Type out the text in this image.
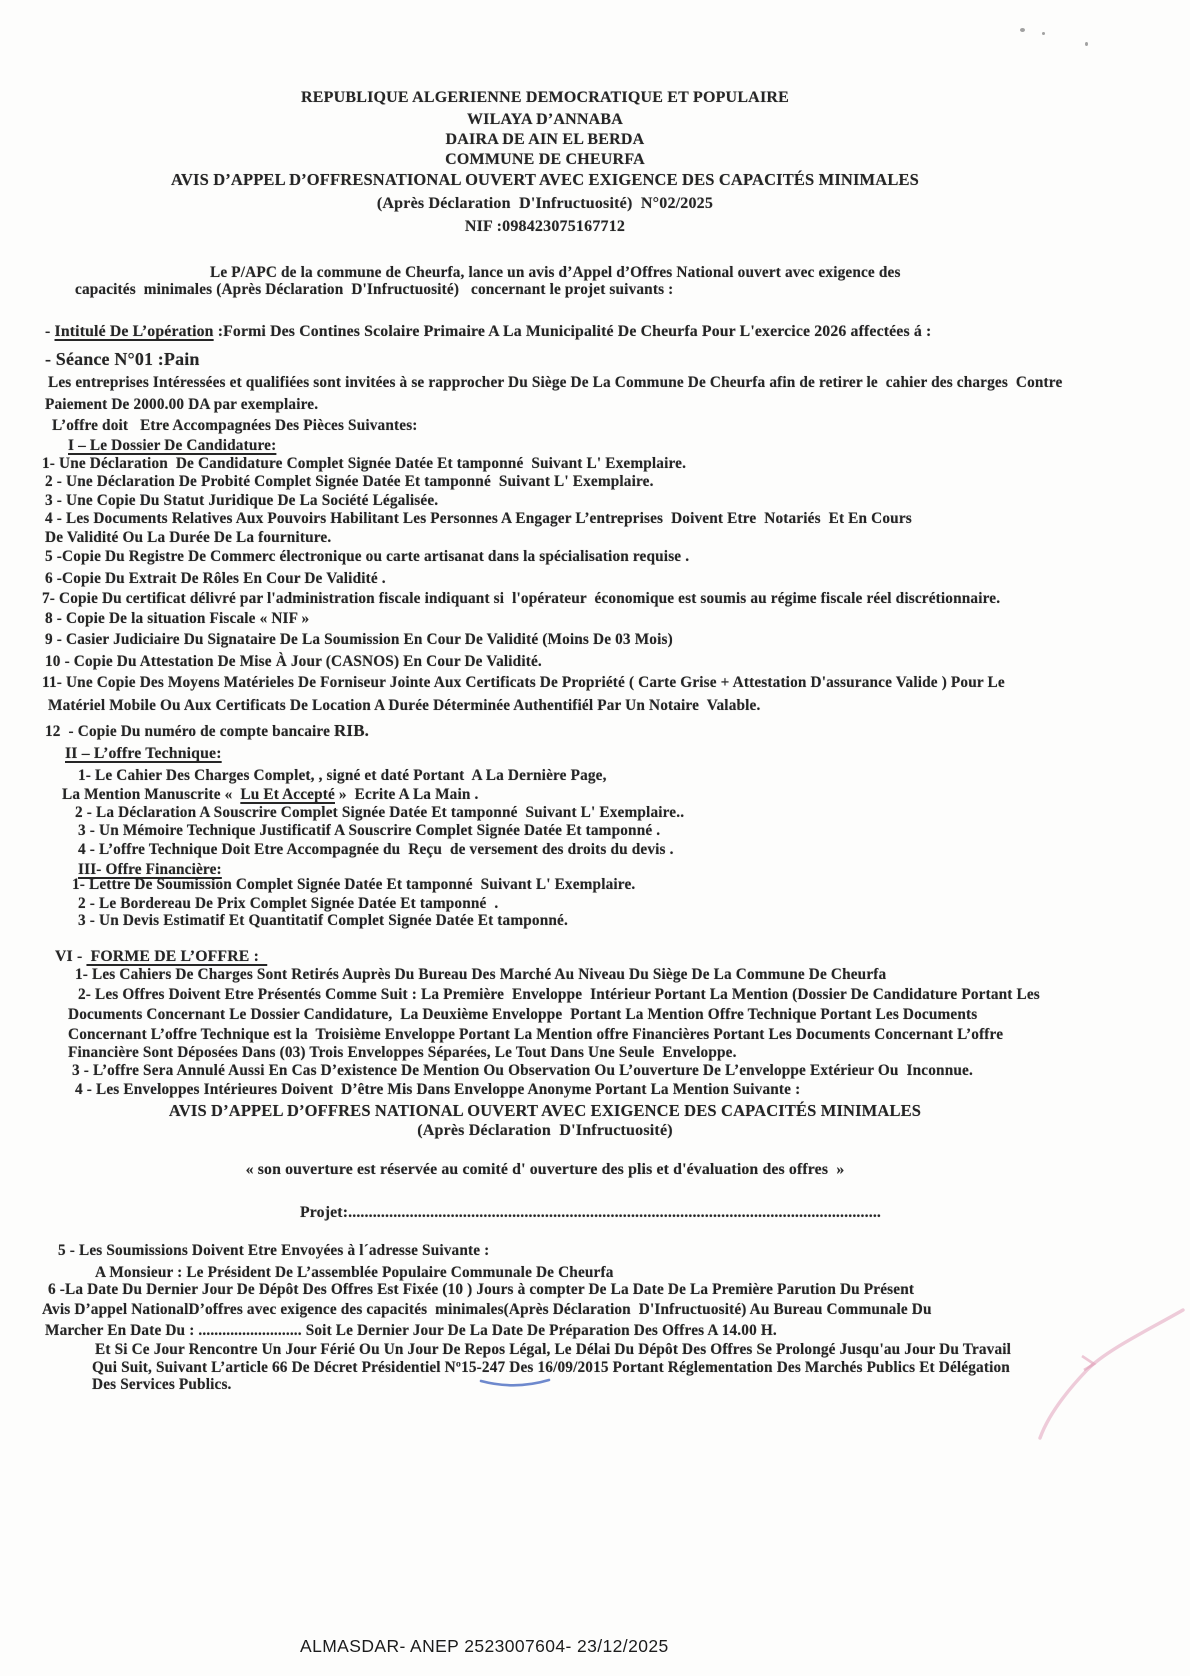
REPUBLIQUE ALGERIENNE DEMOCRATIQUE ET POPULAIRE
WILAYA D’ANNABA
DAIRA DE AIN EL BERDA
COMMUNE DE CHEURFA
AVIS D’APPEL D’OFFRESNATIONAL OUVERT AVEC EXIGENCE DES CAPACITÉS MINIMALES
(Après Déclaration  D'Infructuosité)  N°02/2025
NIF :098423075167712
Le P/APC de la commune de Cheurfa, lance un avis d’Appel d’Offres National ouvert avec exigence des
capacités  minimales (Après Déclaration  D'Infructuosité)   concernant le projet suivants :
- Intitulé De L’opération :Formi Des Contines Scolaire Primaire A La Municipalité De Cheurfa Pour L'exercice 2026 affectées á :
- Séance N°01 :Pain
Les entreprises Intéressées et qualifiées sont invitées à se rapprocher Du Siège De La Commune De Cheurfa afin de retirer le  cahier des charges  Contre
Paiement De 2000.00 DA par exemplaire.
L’offre doit   Etre Accompagnées Des Pièces Suivantes:
I – Le Dossier De Candidature:
1- Une Déclaration  De Candidature Complet Signée Datée Et tamponné  Suivant L' Exemplaire.
2 - Une Déclaration De Probité Complet Signée Datée Et tamponné  Suivant L' Exemplaire.
3 - Une Copie Du Statut Juridique De La Société Légalisée.
4 - Les Documents Relatives Aux Pouvoirs Habilitant Les Personnes A Engager L’entreprises  Doivent Etre  Notariés  Et En Cours
De Validité Ou La Durée De La fourniture.
5 -Copie Du Registre De Commerc électronique ou carte artisanat dans la spécialisation requise .
6 -Copie Du Extrait De Rôles En Cour De Validité .
7- Copie Du certificat délivré par l'administration fiscale indiquant si  l'opérateur  économique est soumis au régime fiscale réel discrétionnaire.
8 - Copie De la situation Fiscale « NIF »
9 - Casier Judiciaire Du Signataire De La Soumission En Cour De Validité (Moins De 03 Mois)
10 - Copie Du Attestation De Mise À Jour (CASNOS) En Cour De Validité.
11- Une Copie Des Moyens Matérieles De Forniseur Jointe Aux Certificats De Propriété ( Carte Grise + Attestation D'assurance Valide ) Pour Le
Matériel Mobile Ou Aux Certificats De Location A Durée Déterminée Authentifiél Par Un Notaire  Valable.
12  - Copie Du numéro de compte bancaire RIB.
II – L’offre Technique:
1- Le Cahier Des Charges Complet, , signé et daté Portant  A La Dernière Page,
La Mention Manuscrite «  Lu Et Accepté »  Ecrite A La Main .
2 - La Déclaration A Souscrire Complet Signée Datée Et tamponné  Suivant L' Exemplaire..
3 - Un Mémoire Technique Justificatif A Souscrire Complet Signée Datée Et tamponné .
4 - L’offre Technique Doit Etre Accompagnée du  Reçu  de versement des droits du devis .
III- Offre Financière:
1- Lettre De Soumission Complet Signée Datée Et tamponné  Suivant L' Exemplaire.
2 - Le Bordereau De Prix Complet Signée Datée Et tamponné  .
3 - Un Devis Estimatif Et Quantitatif Complet Signée Datée Et tamponné.
VI -  FORME DE L’OFFRE :
1- Les Cahiers De Charges Sont Retirés Auprès Du Bureau Des Marché Au Niveau Du Siège De La Commune De Cheurfa
2- Les Offres Doivent Etre Présentés Comme Suit : La Première  Enveloppe  Intérieur Portant La Mention (Dossier De Candidature Portant Les
Documents Concernant Le Dossier Candidature,  La Deuxième Enveloppe  Portant La Mention Offre Technique Portant Les Documents
Concernant L’offre Technique est la  Troisième Enveloppe Portant La Mention offre Financières Portant Les Documents Concernant L’offre
Financière Sont Déposées Dans (03) Trois Enveloppes Séparées, Le Tout Dans Une Seule  Enveloppe.
3 - L’offre Sera Annulé Aussi En Cas D’existence De Mention Ou Observation Ou L’ouverture De L’enveloppe Extérieur Ou  Inconnue.
4 - Les Enveloppes Intérieures Doivent  D’être Mis Dans Enveloppe Anonyme Portant La Mention Suivante :
AVIS D’APPEL D’OFFRES NATIONAL OUVERT AVEC EXIGENCE DES CAPACITÉS MINIMALES
(Après Déclaration  D'Infructuosité)
« son ouverture est réservée au comité d' ouverture des plis et d'évaluation des offres  »
Projet:..................................................................................................................................
5 - Les Soumissions Doivent Etre Envoyées à l´adresse Suivante :
A Monsieur : Le Président De L’assemblée Populaire Communale De Cheurfa
6 -La Date Du Dernier Jour De Dépôt Des Offres Est Fixée (10 ) Jours à compter De La Date De La Première Parution Du Présent
Avis D’appel NationalD’offres avec exigence des capacités  minimales(Après Déclaration  D'Infructuosité) Au Bureau Communale Du
Marcher En Date Du : .......................... Soit Le Dernier Jour De La Date De Préparation Des Offres A 14.00 H.
Et Si Ce Jour Rencontre Un Jour Férié Ou Un Jour De Repos Légal, Le Délai Du Dépôt Des Offres Se Prolongé Jusqu'au Jour Du Travail
Qui Suit, Suivant L’article 66 De Décret Présidentiel Nº15-247 Des 16/09/2015 Portant Réglementation Des Marchés Publics Et Délégation
Des Services Publics.
ALMASDAR- ANEP 2523007604- 23/12/2025
